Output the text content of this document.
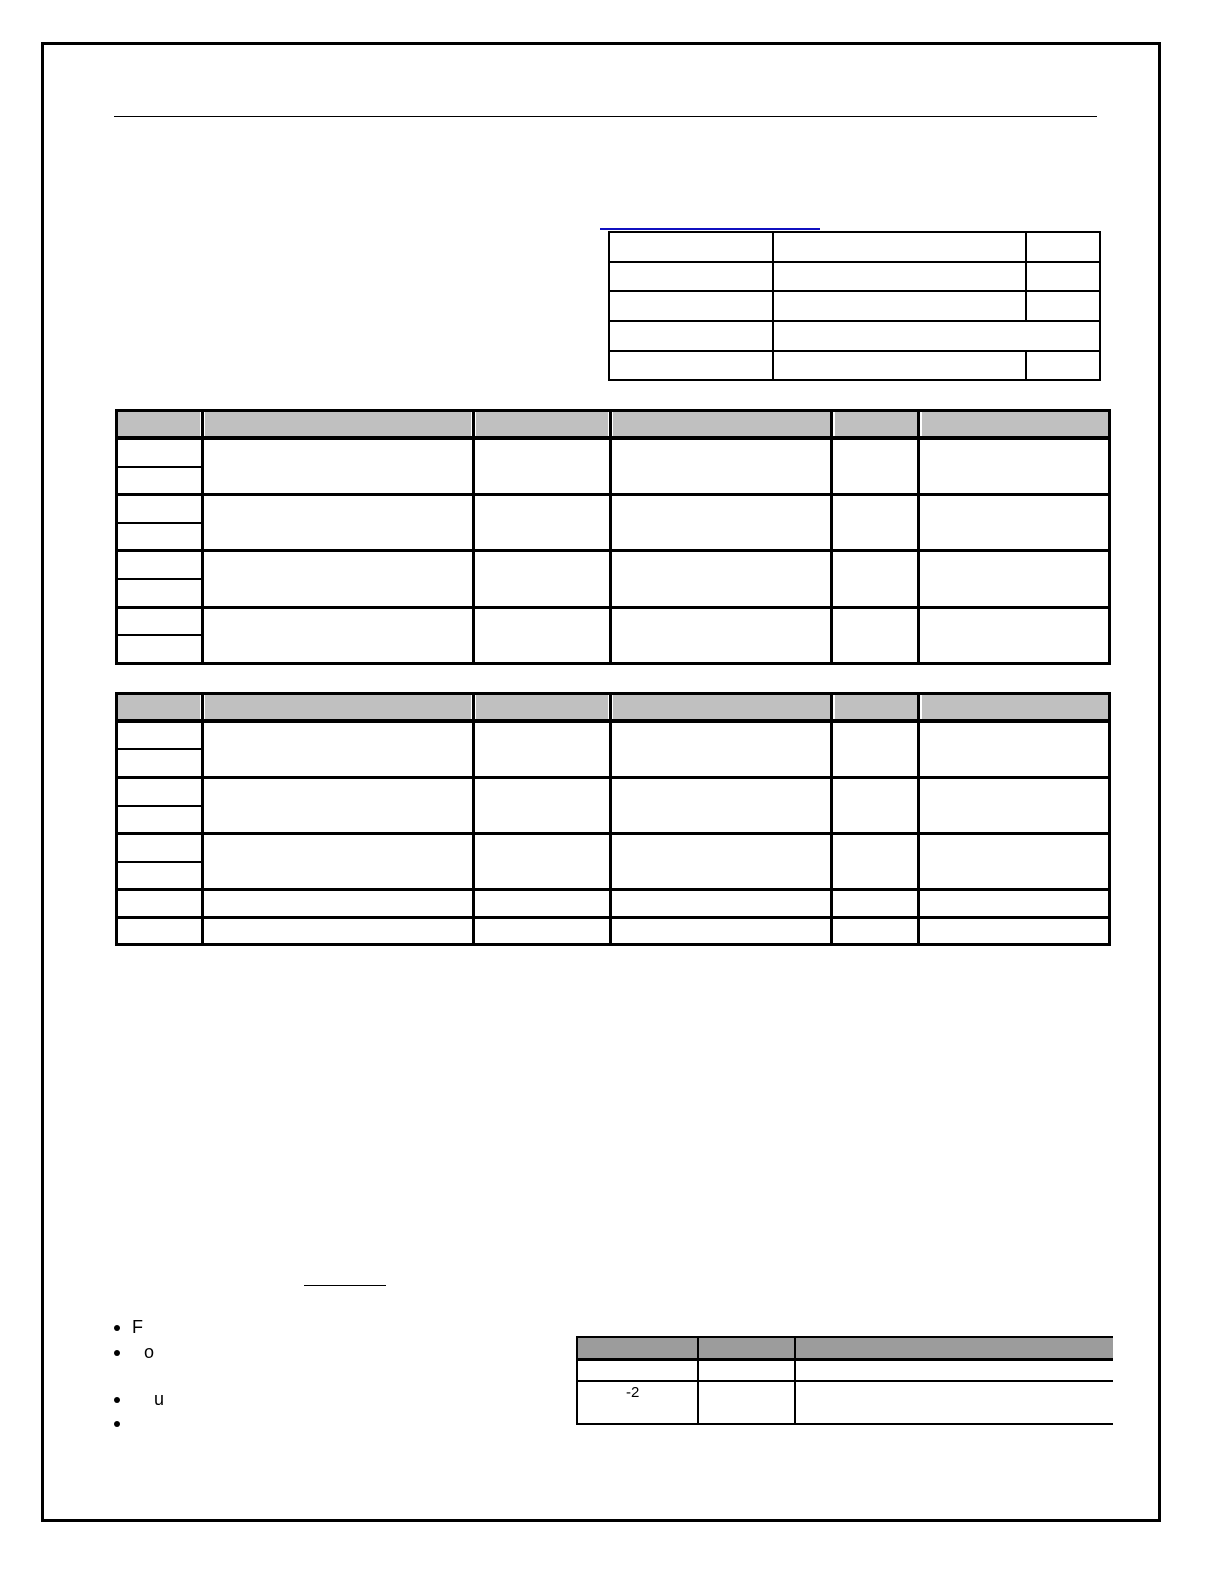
F
o
u	-2
